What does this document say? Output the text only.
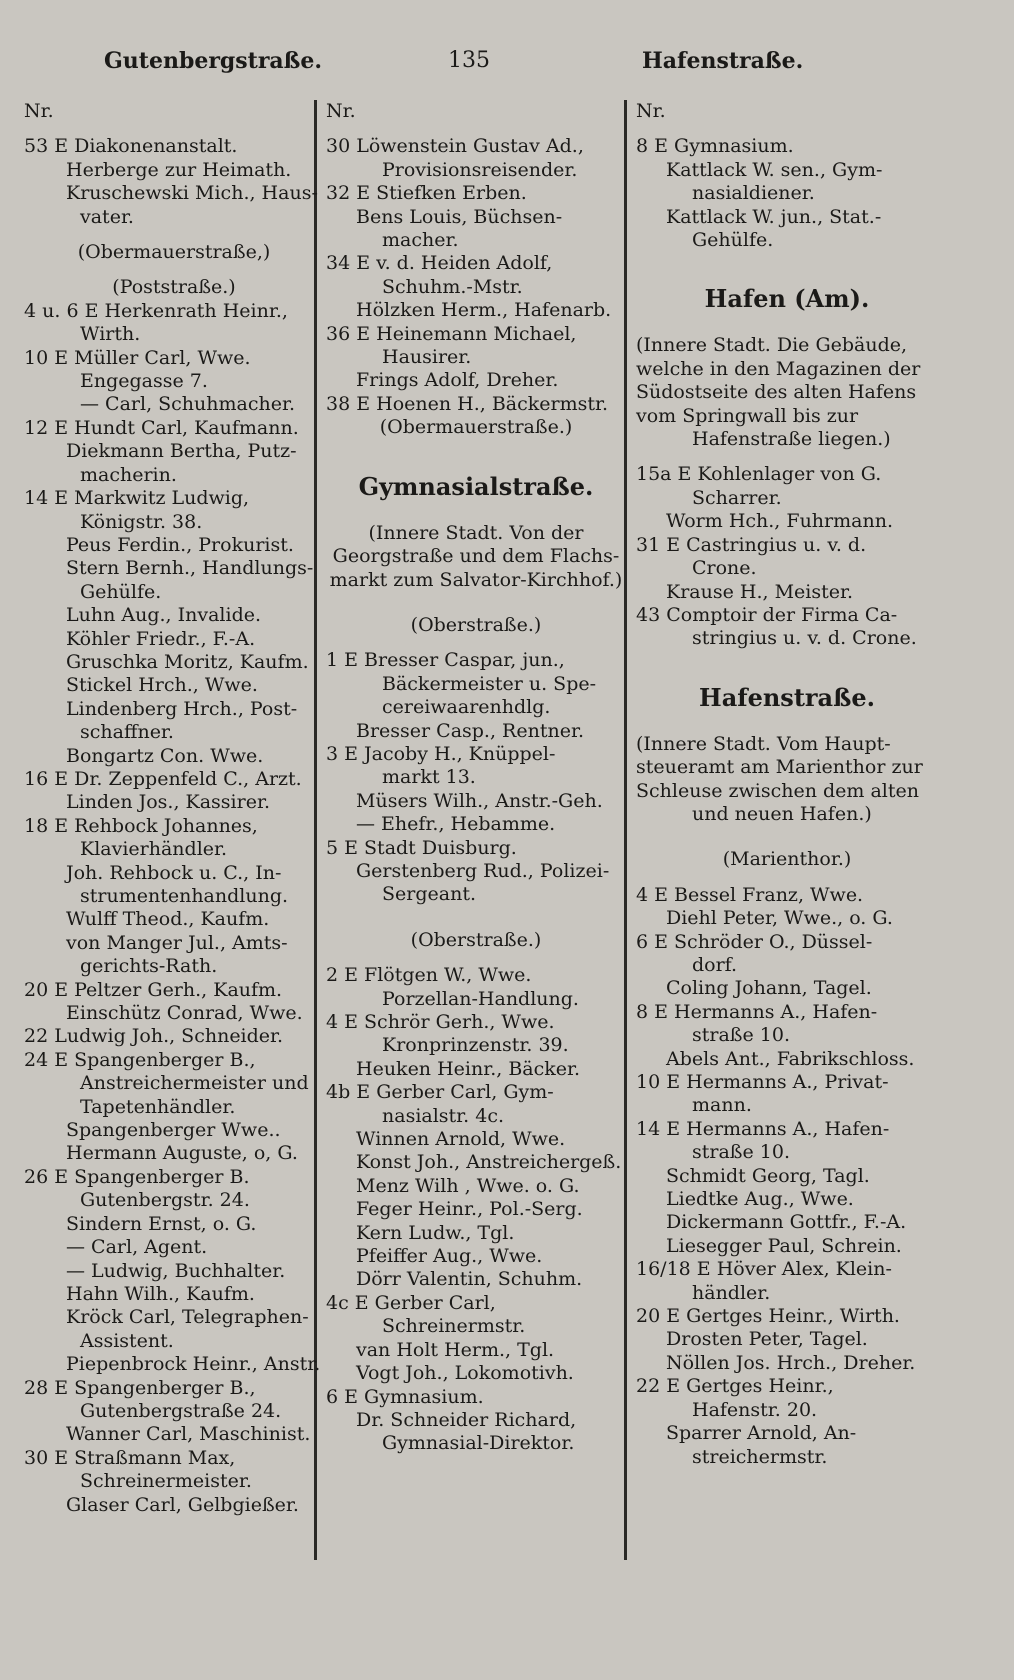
Gutenbergstraße.	135	Hafenstraße.
Nr.
53 E Diakonenanstalt.
Herberge zur Heimath.
Kruschewski Mich., Haus-
vater.
(Obermauerstraße,)
(Poststraße.)
4 u. 6 E Herkenrath Heinr.,
Wirth.
10 E Müller Carl, Wwe.
Engegasse 7.
— Carl, Schuhmacher.
12 E Hundt Carl, Kaufmann.
Diekmann Bertha, Putz-
macherin.
14 E Markwitz Ludwig,
Königstr. 38.
Peus Ferdin., Prokurist.
Stern Bernh., Handlungs-
Gehülfe.
Luhn Aug., Invalide.
Köhler Friedr., F.-A.
Gruschka Moritz, Kaufm.
Stickel Hrch., Wwe.
Lindenberg Hrch., Post-
schaffner.
Bongartz Con. Wwe.
16 E Dr. Zeppenfeld C., Arzt.
Linden Jos., Kassirer.
18 E Rehbock Johannes,
Klavierhändler.
Joh. Rehbock u. C., In-
strumentenhandlung.
Wulff Theod., Kaufm.
von Manger Jul., Amts-
gerichts-Rath.
20 E Peltzer Gerh., Kaufm.
Einschütz Conrad, Wwe.
22 Ludwig Joh., Schneider.
24 E Spangenberger B.,
Anstreichermeister und
Tapetenhändler.
Spangenberger Wwe..
Hermann Auguste, o, G.
26 E Spangenberger B.
Gutenbergstr. 24.
Sindern Ernst, o. G.
— Carl, Agent.
— Ludwig, Buchhalter.
Hahn Wilh., Kaufm.
Kröck Carl, Telegraphen-
Assistent.
Piepenbrock Heinr., Anstr.
28 E Spangenberger B.,
Gutenbergstraße 24.
Wanner Carl, Maschinist.
30 E Straßmann Max,
Schreinermeister.
Glaser Carl, Gelbgießer.
Nr.
30 Löwenstein Gustav Ad.,
Provisionsreisender.
32 E Stiefken Erben.
Bens Louis, Büchsen-
macher.
34 E v. d. Heiden Adolf,
Schuhm.-Mstr.
Hölzken Herm., Hafenarb.
36 E Heinemann Michael,
Hausirer.
Frings Adolf, Dreher.
38 E Hoenen H., Bäckermstr.
(Obermauerstraße.)
Gymnasialstraße.
(Innere Stadt. Von der
Georgstraße und dem Flachs-
markt zum Salvator-Kirchhof.)
(Oberstraße.)
1 E Bresser Caspar, jun.,
Bäckermeister u. Spe-
cereiwaarenhdlg.
Bresser Casp., Rentner.
3 E Jacoby H., Knüppel-
markt 13.
Müsers Wilh., Anstr.-Geh.
— Ehefr., Hebamme.
5 E Stadt Duisburg.
Gerstenberg Rud., Polizei-
Sergeant.
(Oberstraße.)
2 E Flötgen W., Wwe.
Porzellan-Handlung.
4 E Schrör Gerh., Wwe.
Kronprinzenstr. 39.
Heuken Heinr., Bäcker.
4b E Gerber Carl, Gym-
nasialstr. 4c.
Winnen Arnold, Wwe.
Konst Joh., Anstreichergeß.
Menz Wilh , Wwe. o. G.
Feger Heinr., Pol.-Serg.
Kern Ludw., Tgl.
Pfeiffer Aug., Wwe.
Dörr Valentin, Schuhm.
4c E Gerber Carl,
Schreinermstr.
van Holt Herm., Tgl.
Vogt Joh., Lokomotivh.
6 E Gymnasium.
Dr. Schneider Richard,
Gymnasial-Direktor.
Nr.
8 E Gymnasium.
Kattlack W. sen., Gym-
nasialdiener.
Kattlack W. jun., Stat.-
Gehülfe.
Hafen (Am).
(Innere Stadt. Die Gebäude,
welche in den Magazinen der
Südostseite des alten Hafens
vom Springwall bis zur
Hafenstraße liegen.)
15a E Kohlenlager von G.
Scharrer.
Worm Hch., Fuhrmann.
31 E Castringius u. v. d.
Crone.
Krause H., Meister.
43 Comptoir der Firma Ca-
stringius u. v. d. Crone.
Hafenstraße.
(Innere Stadt. Vom Haupt-
steueramt am Marienthor zur
Schleuse zwischen dem alten
und neuen Hafen.)
(Marienthor.)
4 E Bessel Franz, Wwe.
Diehl Peter, Wwe., o. G.
6 E Schröder O., Düssel-
dorf.
Coling Johann, Tagel.
8 E Hermanns A., Hafen-
straße 10.
Abels Ant., Fabrikschloss.
10 E Hermanns A., Privat-
mann.
14 E Hermanns A., Hafen-
straße 10.
Schmidt Georg, Tagl.
Liedtke Aug., Wwe.
Dickermann Gottfr., F.-A.
Liesegger Paul, Schrein.
16/18 E Höver Alex, Klein-
händler.
20 E Gertges Heinr., Wirth.
Drosten Peter, Tagel.
Nöllen Jos. Hrch., Dreher.
22 E Gertges Heinr.,
Hafenstr. 20.
Sparrer Arnold, An-
streichermstr.
